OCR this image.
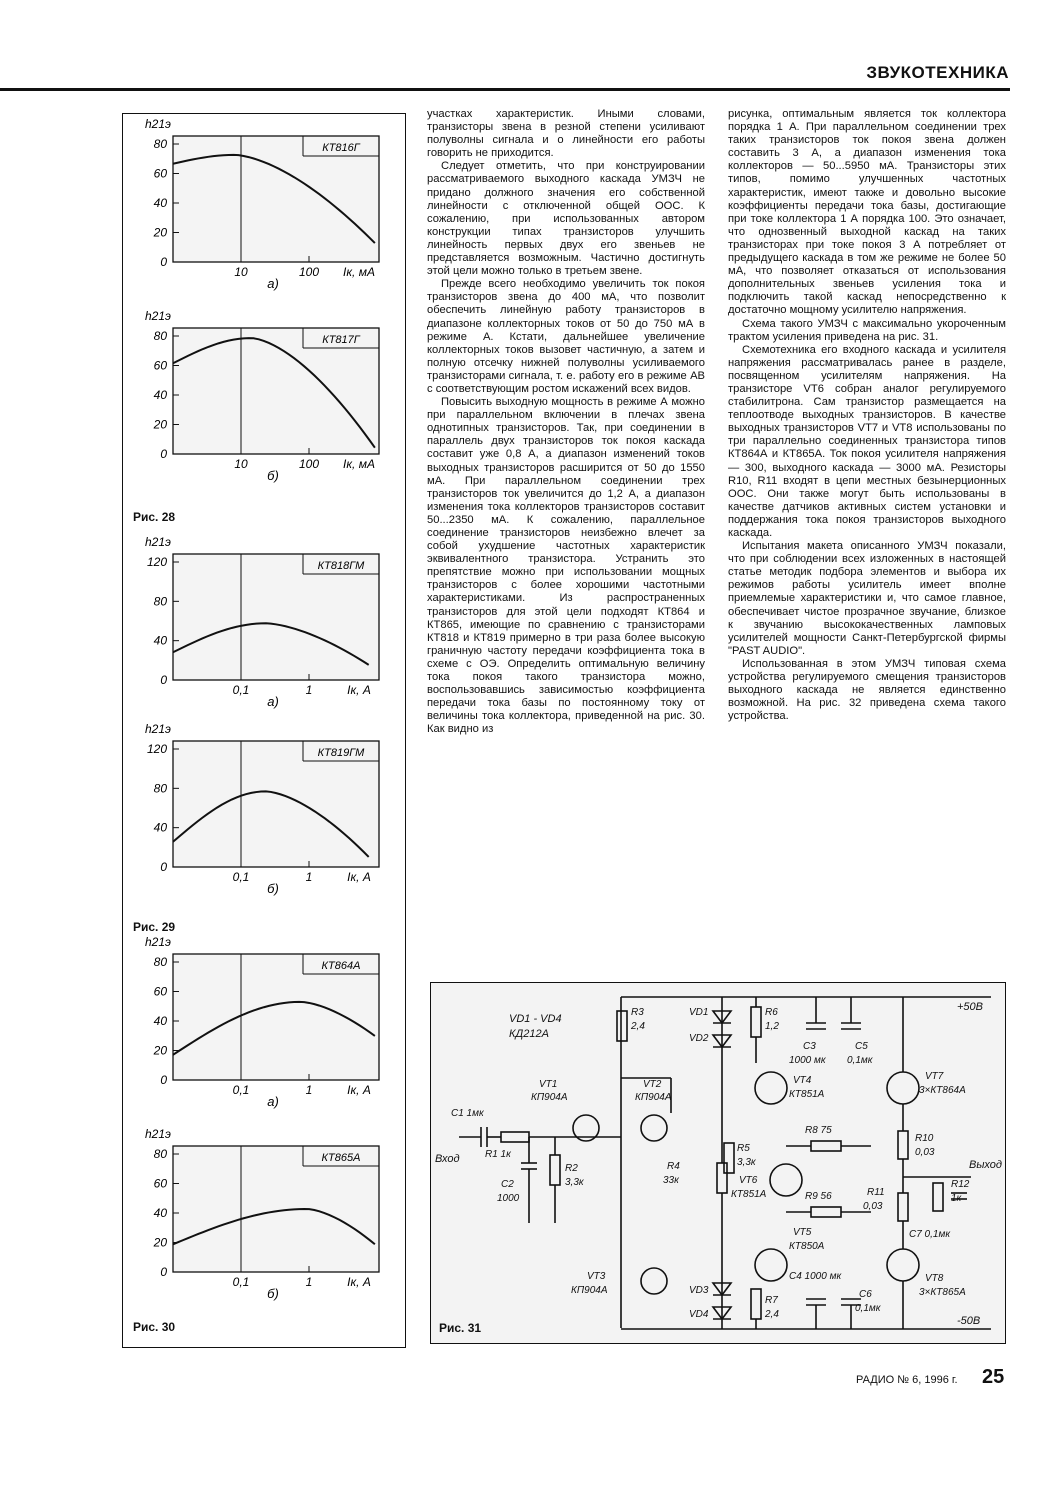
ЗВУКОТЕХНИКА
КТ816Г
h21э
80
60
40
20
0
10	100 Iк, мА
а)
КТ817Г
h21э
80
60
40
20
0
10	100 Iк, мА
б)
Рис. 28
КТ818ГМ
h21э
120
80
40
0
0,1	1	Iк, А
а)
КТ819ГМ
h21э
120
80
40
0
0,1	1	Iк, А
б)
Рис. 29
КТ864А
h21э
80
60
40
20
0
0,1	1	Iк, А
а)
КТ865А
h21э
80
60
40
20
0
0,1	1	Iк, А
б)
Рис. 30

участках характеристик. Иными словами, транзисторы звена в резной степени усиливают полуволны сигнала и о линейности его работы говорить не приходится.

Следует отметить, что при конструировании рассматриваемого выходного каскада УМЗЧ не придано должного значения его собственной линейности с отключенной общей ООС. К сожалению, при использованных автором конструкции типах транзисторов улучшить линейность первых двух его звеньев не представляется возможным. Частично достигнуть этой цели можно только в третьем звене.

Прежде всего необходимо увеличить ток покоя транзисторов звена до 400 мА, что позволит обеспечить линейную работу транзисторов в диапазоне коллекторных токов от 50 до 750 мА в режиме А. Кстати, дальнейшее увеличение коллекторных токов вызовет частичную, а затем и полную отсечку нижней полуволны усиливаемого транзисторами сигнала, т. е. работу его в режиме АВ с соответствующим ростом искажений всех видов.

Повысить выходную мощность в режиме А можно при параллельном включении в плечах звена однотипных транзисторов. Так, при соединении в параллель двух транзисторов ток покоя каскада составит уже 0,8 А, а диапазон изменений токов выходных транзисторов расширится от 50 до 1550 мА. При параллельном соединении трех транзисторов ток увеличится до 1,2 А, а диапазон изменения тока коллекторов транзисторов составит 50...2350 мА. К сожалению, параллельное соединение транзисторов неизбежно влечет за собой ухудшение частотных характеристик эквивалентного транзистора. Устранить это препятствие можно при использовании мощных транзисторов с более хорошими частотными характеристиками. Из распространенных транзисторов для этой цели подходят КТ864 и КТ865, имеющие по сравнению с транзисторами КТ818 и КТ819 примерно в три раза более высокую граничную частоту передачи коэффициента тока в схеме с ОЭ. Определить оптимальную величину тока покоя такого транзистора можно, воспользовавшись зависимостью коэффициента передачи тока базы по постоянному току от величины тока коллектора, приведенной на рис. 30. Как видно из

рисунка, оптимальным является ток коллектора порядка 1 А. При параллельном соединении трех таких транзисторов ток покоя звена должен составить 3 А, а диапазон изменения тока коллекторов — 50...5950 мА. Транзисторы этих типов, помимо улучшенных частотных характеристик, имеют также и довольно высокие коэффициенты передачи тока базы, достигающие при токе коллектора 1 А порядка 100. Это означает, что однозвенный выходной каскад на таких транзисторах при токе покоя 3 А потребляет от предыдущего каскада в том же режиме не более 50 мА, что позволяет отказаться от использования дополнительных звеньев усиления тока и подключить такой каскад непосредственно к достаточно мощному усилителю напряжения.

Схема такого УМЗЧ с максимально укороченным трактом усиления приведена на рис. 31.

Схемотехника его входного каскада и усилителя напряжения рассматривалась ранее в разделе, посвященном усилителям напряжения. На транзисторе VT6 собран аналог регулируемого стабилитрона. Сам транзистор размещается на теплоотводе выходных транзисторов. В качестве выходных транзисторов VT7 и VT8 использованы по три параллельно соединенных транзистора типов КТ864А и КТ865А. Ток покоя усилителя напряжения — 300, выходного каскада — 3000 мА. Резисторы R10, R11 входят в цепи местных безынерционных ООС. Они также могут быть использованы в качестве датчиков активных систем установки и поддержания тока покоя транзисторов выходного каскада.

Испытания макета описанного УМЗЧ показали, что при соблюдении всех изложенных в настоящей статье методик подбора элементов и выбора их режимов работы усилитель имеет вполне приемлемые характеристики и, что самое главное, обеспечивает чистое прозрачное звучание, близкое к звучанию высококачественных ламповых усилителей мощности Санкт-Петербургской фирмы "PAST AUDIO".

Использованная в этом УМЗЧ типовая схема устройства регулируемого смещения транзисторов выходного каскада не является единственно возможной. На рис. 32 приведена схема такого устройства.

VD1 - VD4
КД212А
C1 1мк
R1 1к
C2
1000
R2
3,3к
R3
2,4
VT1
КП904А
VT2
КП904А
VT3
КП904А
R4
33к
VD1
VD2
VD3
VD4
R6
1,2
R7
2,4
C3
1000 мк
C5
0,1мк
VT4
КТ851А
R8 75
R5
3,3к
VT6
КТ851А	R9 56
VT5
КТ850А
C4 1000 мк
C6
0,1мк
VT7
3×КТ864А
VT8
3×КТ865А
R10
0,03
R11
0,03
R12
1к
C7 0,1мк
+50В
-50В
Вход	Выход
Рис. 31
РАДИО № 6, 1996 г. 25
